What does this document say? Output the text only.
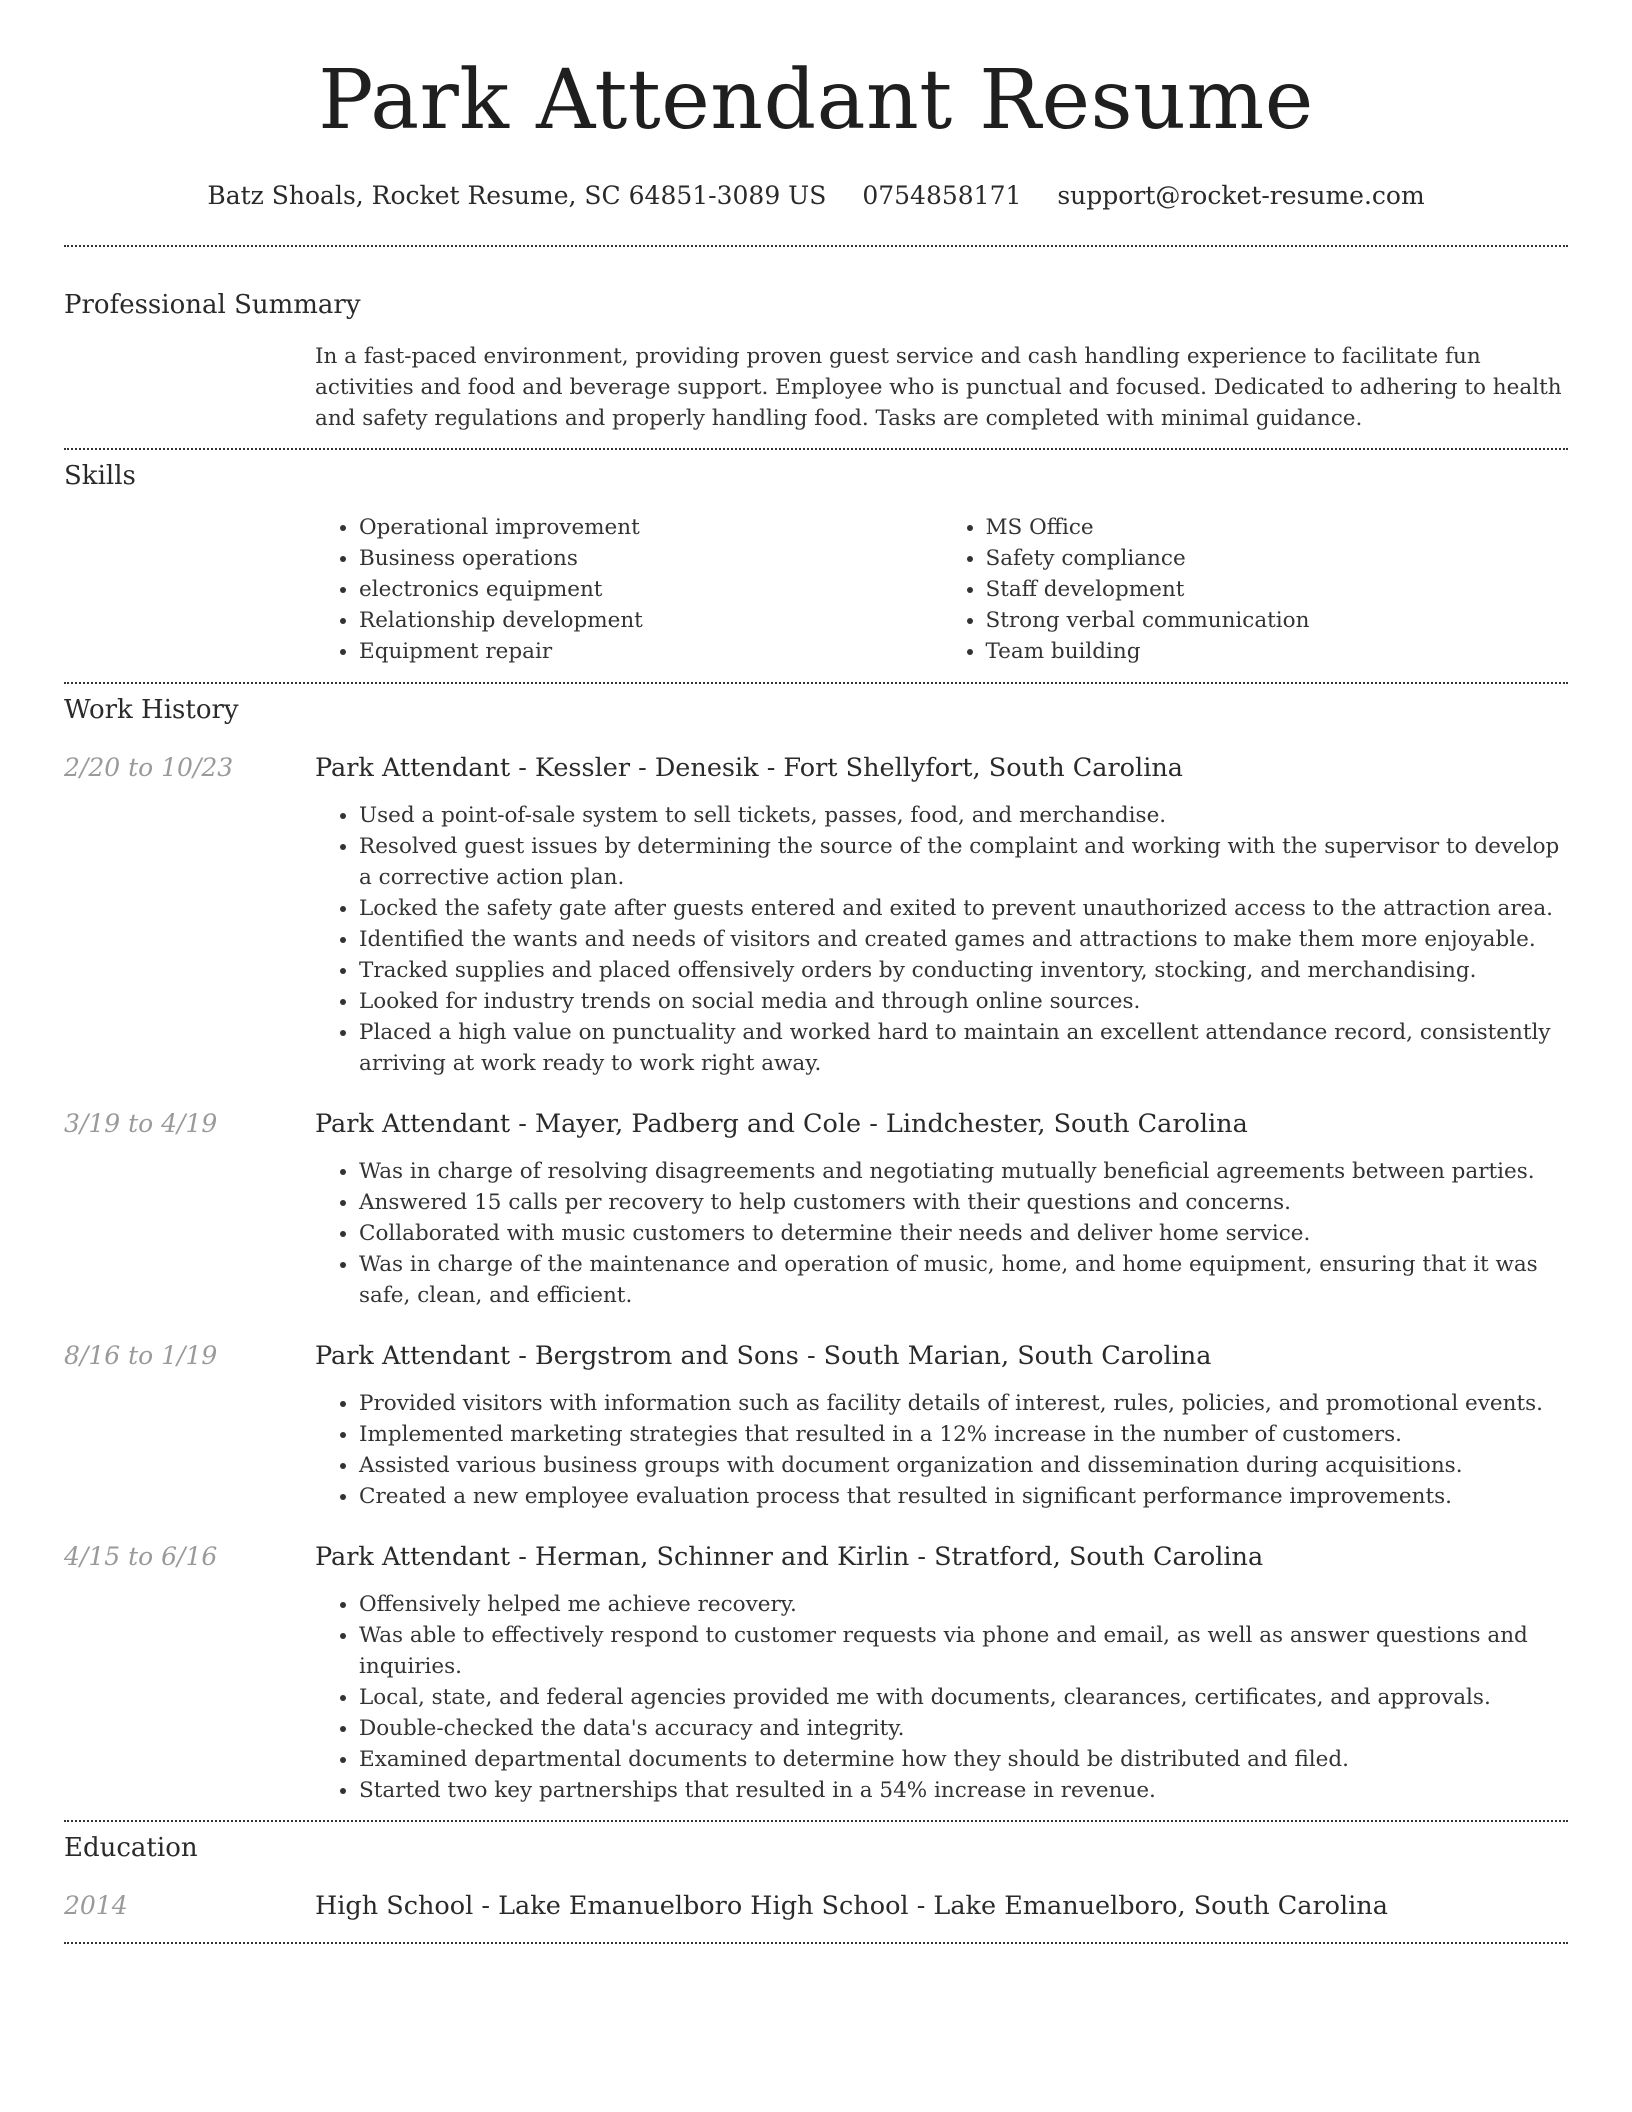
Park Attendant Resume
Batz Shoals, Rocket Resume, SC 64851-3089 US 0754858171 support@rocket-resume.com
Professional Summary
In a fast-paced environment, providing proven guest service and cash handling experience to facilitate fun activities and food and beverage support. Employee who is punctual and focused. Dedicated to adhering to health and safety regulations and properly handling food. Tasks are completed with minimal guidance.
Skills
• Operational improvement
• Business operations
• electronics equipment
• Relationship development
• Equipment repair
• MS Office
• Safety compliance
• Staff development
• Strong verbal communication
• Team building
Work History
2/20 to 10/23	Park Attendant - Kessler - Denesik - Fort Shellyfort, South Carolina
• Used a point-of-sale system to sell tickets, passes, food, and merchandise.
• Resolved guest issues by determining the source of the complaint and working with the supervisor to develop a corrective action plan.
• Locked the safety gate after guests entered and exited to prevent unauthorized access to the attraction area.
• Identified the wants and needs of visitors and created games and attractions to make them more enjoyable.
• Tracked supplies and placed offensively orders by conducting inventory, stocking, and merchandising.
• Looked for industry trends on social media and through online sources.
• Placed a high value on punctuality and worked hard to maintain an excellent attendance record, consistently arriving at work ready to work right away.
3/19 to 4/19	Park Attendant - Mayer, Padberg and Cole - Lindchester, South Carolina
• Was in charge of resolving disagreements and negotiating mutually beneficial agreements between parties.
• Answered 15 calls per recovery to help customers with their questions and concerns.
• Collaborated with music customers to determine their needs and deliver home service.
• Was in charge of the maintenance and operation of music, home, and home equipment, ensuring that it was safe, clean, and efficient.
8/16 to 1/19	Park Attendant - Bergstrom and Sons - South Marian, South Carolina
• Provided visitors with information such as facility details of interest, rules, policies, and promotional events.
• Implemented marketing strategies that resulted in a 12% increase in the number of customers.
• Assisted various business groups with document organization and dissemination during acquisitions.
• Created a new employee evaluation process that resulted in significant performance improvements.
4/15 to 6/16	Park Attendant - Herman, Schinner and Kirlin - Stratford, South Carolina
• Offensively helped me achieve recovery.
• Was able to effectively respond to customer requests via phone and email, as well as answer questions and inquiries.
• Local, state, and federal agencies provided me with documents, clearances, certificates, and approvals.
• Double-checked the data's accuracy and integrity.
• Examined departmental documents to determine how they should be distributed and filed.
• Started two key partnerships that resulted in a 54% increase in revenue.
Education
2014	High School - Lake Emanuelboro High School - Lake Emanuelboro, South Carolina
